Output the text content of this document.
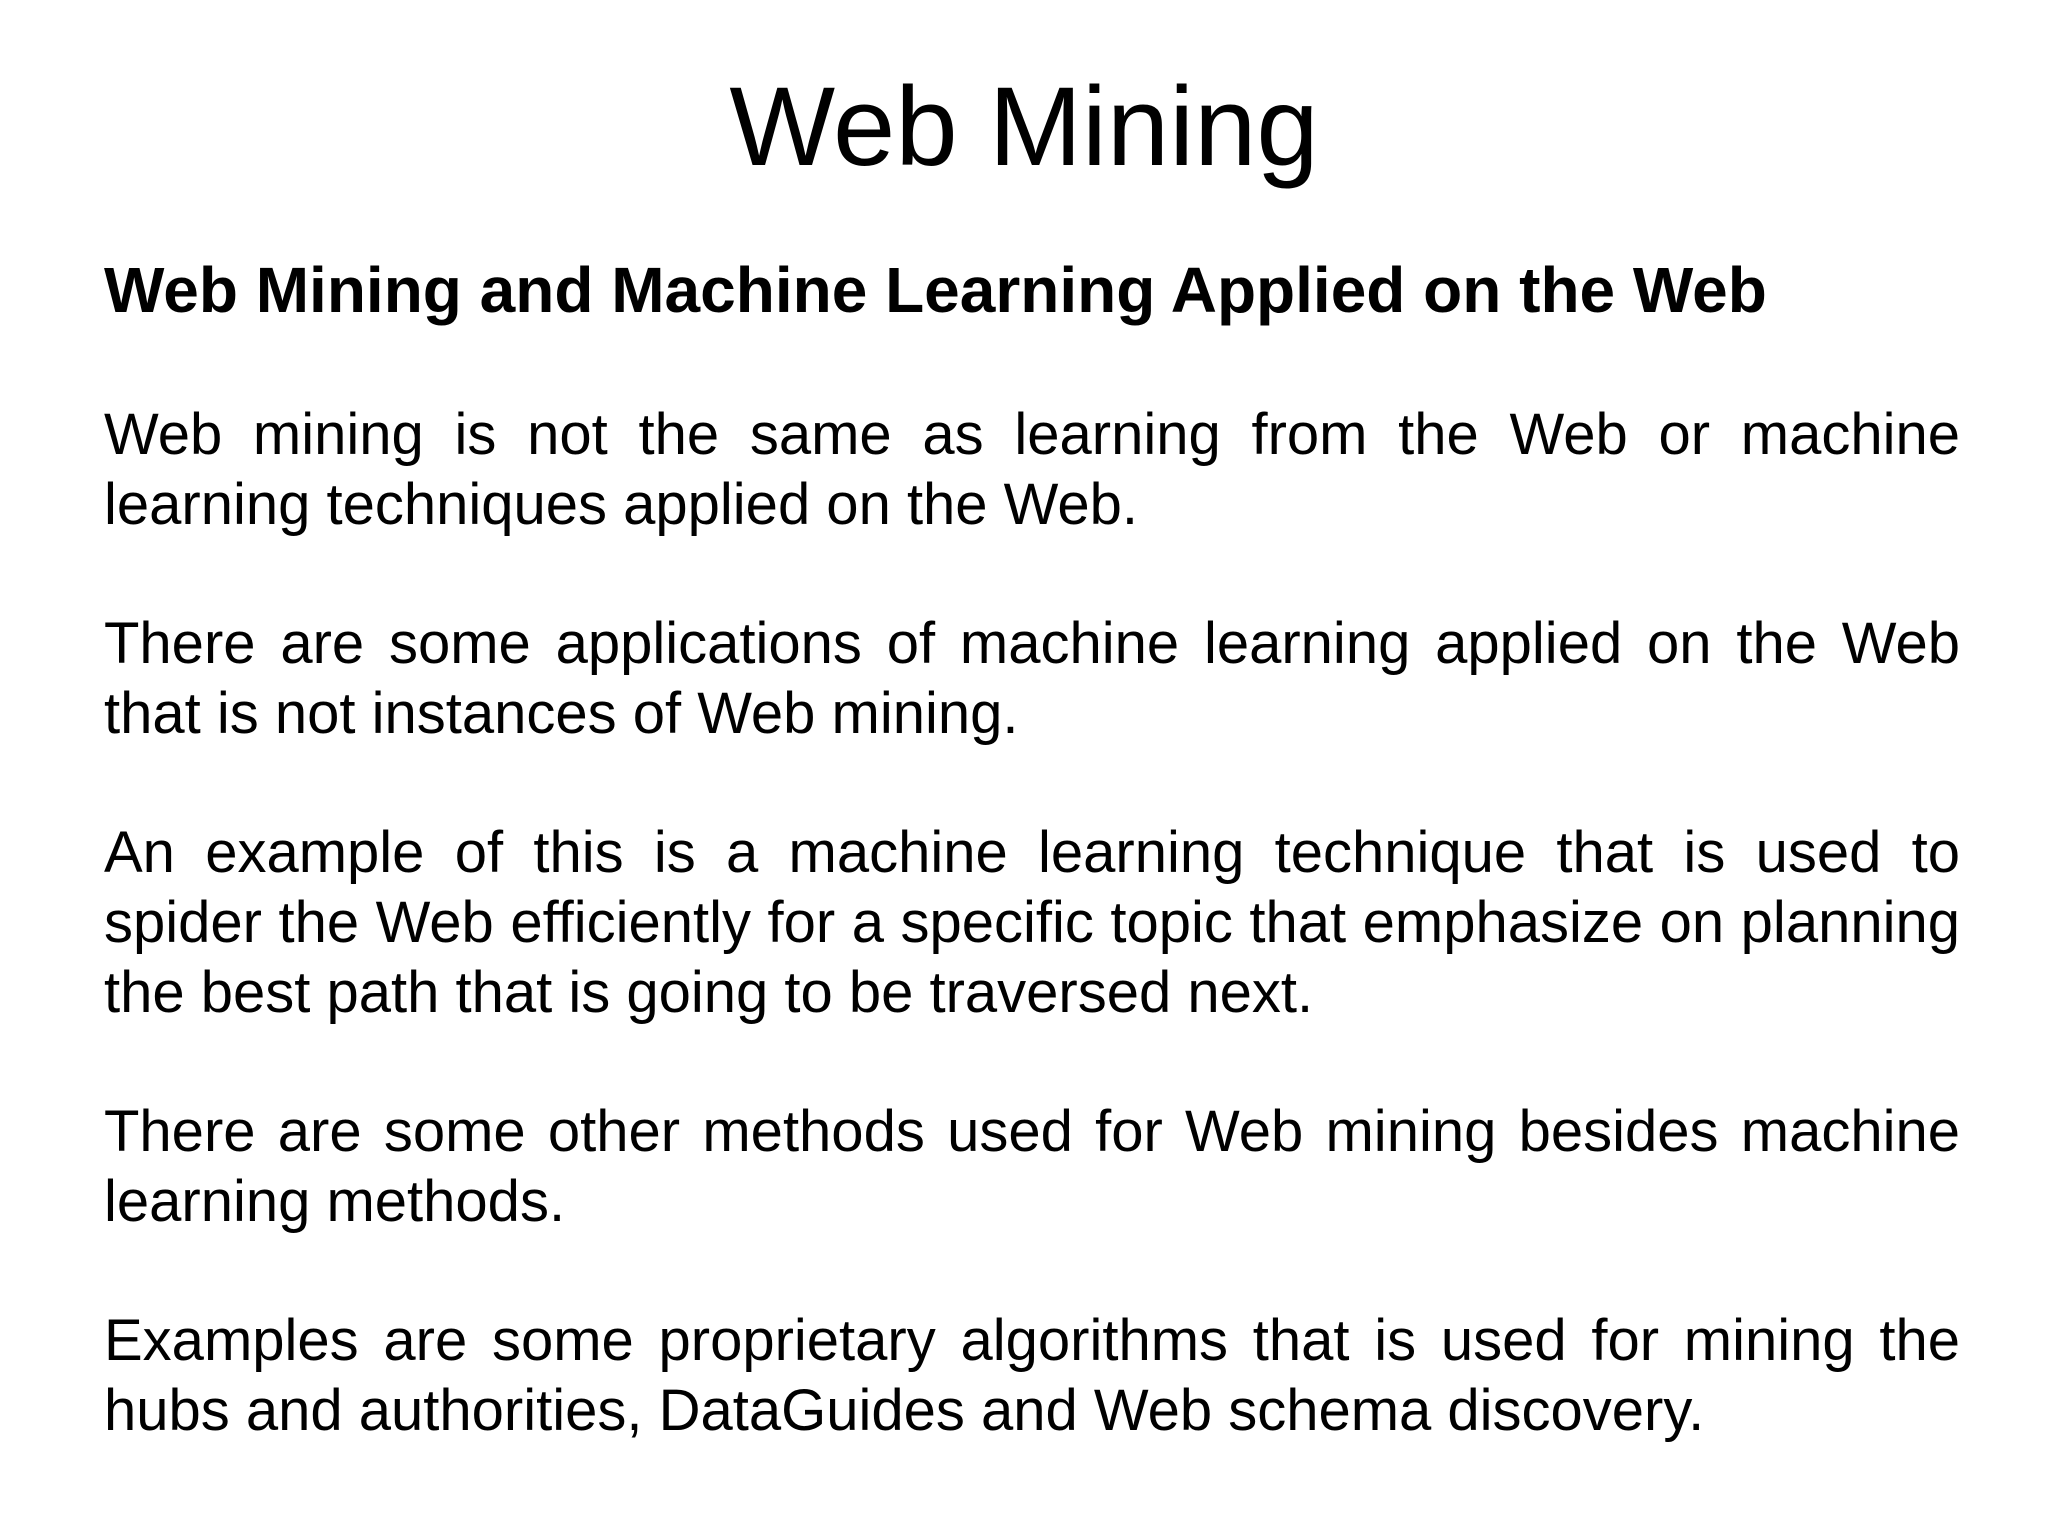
Web Mining

Web Mining and Machine Learning Applied on the Web

Web mining is not the same as learning from the Web or machine learning techniques applied on the Web.

There are some applications of machine learning applied on the Web that is not instances of Web mining.

An example of this is a machine learning technique that is used to spider the Web efficiently for a specific topic that emphasize on planning the best path that is going to be traversed next.

There are some other methods used for Web mining besides machine learning methods.

Examples are some proprietary algorithms that is used for mining the hubs and authorities, DataGuides and Web schema discovery.
